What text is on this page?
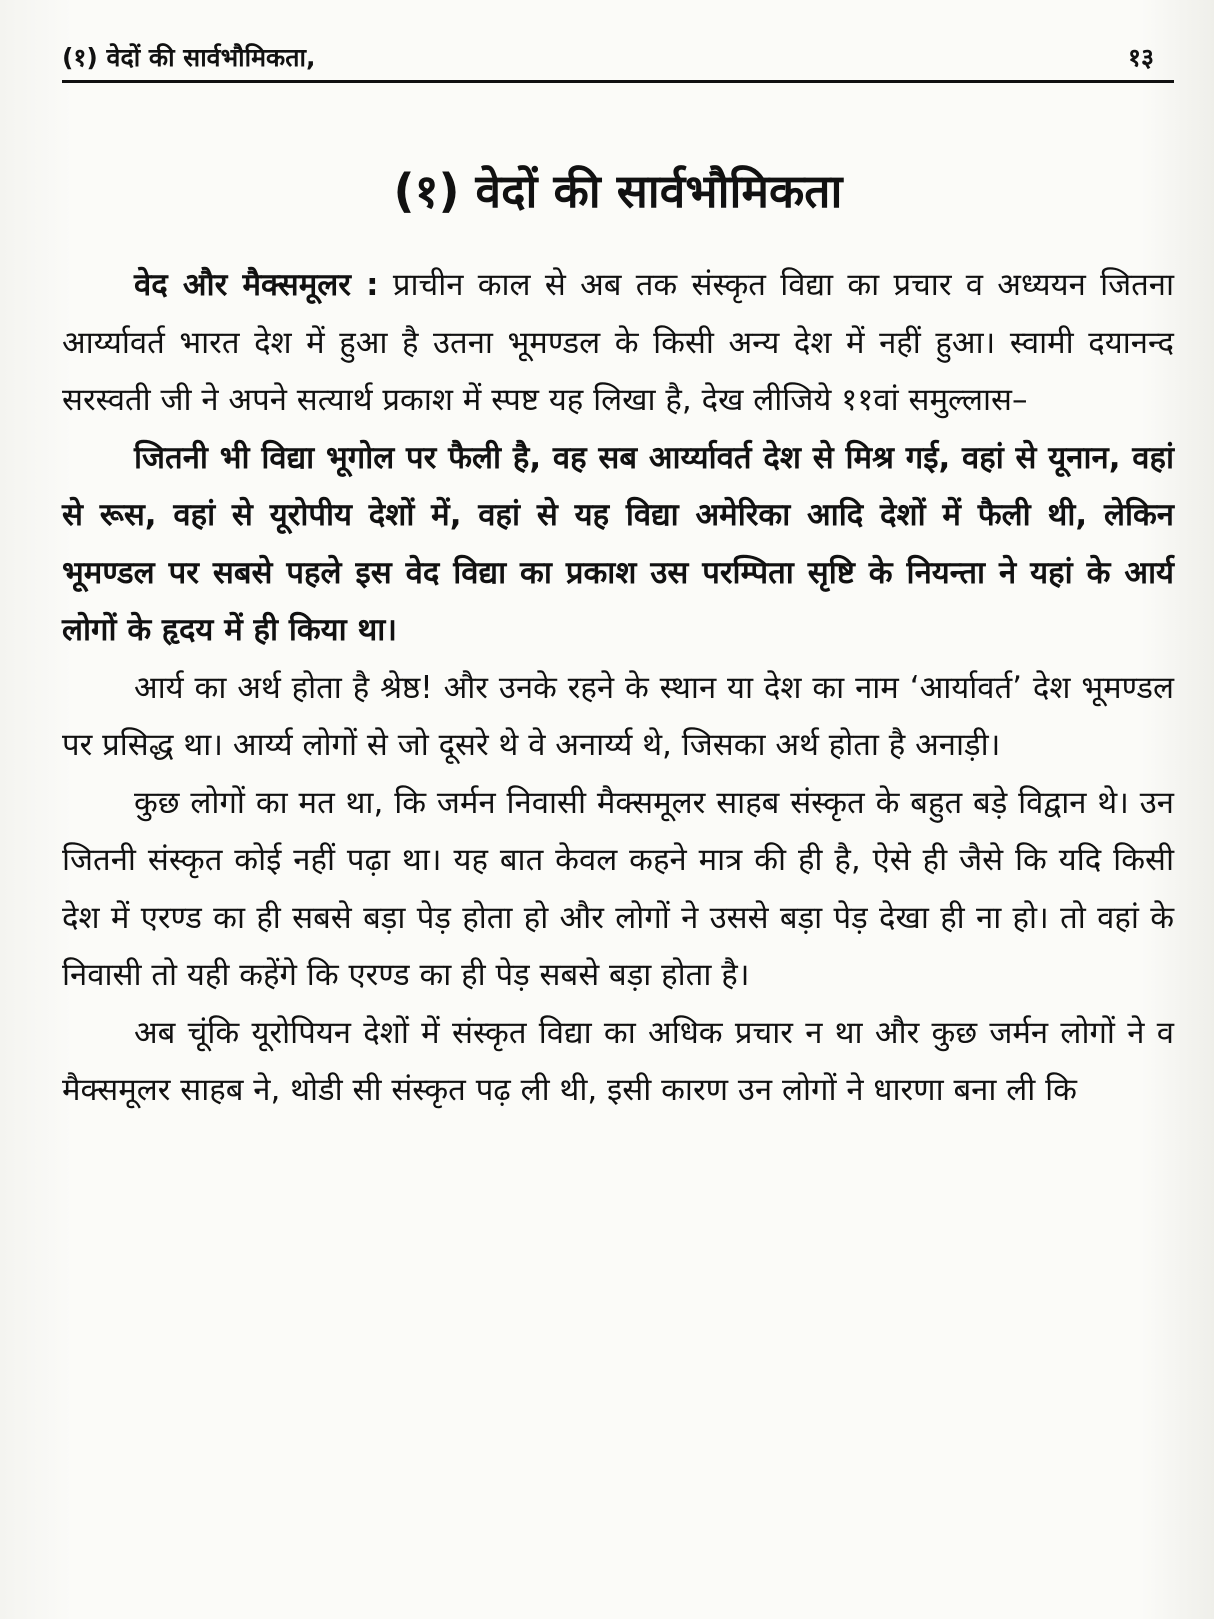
(१) वेदों की सार्वभौमिकता,	१३
(१) वेदों की सार्वभौमिकता

वेद और मैक्समूलर : प्राचीन काल से अब तक संस्कृत विद्या का प्रचार व अध्ययन जितना आर्य्यावर्त भारत देश में हुआ है उतना भूमण्डल के किसी अन्य देश में नहीं हुआ। स्वामी दयानन्द सरस्वती जी ने अपने सत्यार्थ प्रकाश में स्पष्ट यह लिखा है, देख लीजिये ११वां समुल्लास–

जितनी भी विद्या भूगोल पर फैली है, वह सब आर्य्यावर्त देश से मिश्र गई, वहां से यूनान, वहां से रूस, वहां से यूरोपीय देशों में, वहां से यह विद्या अमेरिका आदि देशों में फैली थी, लेकिन भूमण्डल पर सबसे पहले इस वेद विद्या का प्रकाश उस परम्पिता सृष्टि के नियन्ता ने यहां के आर्य लोगों के हृदय में ही किया था।

आर्य का अर्थ होता है श्रेष्ठ! और उनके रहने के स्थान या देश का नाम ‘आर्यावर्त’ देश भूमण्डल पर प्रसिद्ध था। आर्य्य लोगों से जो दूसरे थे वे अनार्य्य थे, जिसका अर्थ होता है अनाड़ी।

कुछ लोगों का मत था, कि जर्मन निवासी मैक्समूलर साहब संस्कृत के बहुत बड़े विद्वान थे। उन जितनी संस्कृत कोई नहीं पढ़ा था। यह बात केवल कहने मात्र की ही है, ऐसे ही जैसे कि यदि किसी देश में एरण्ड का ही सबसे बड़ा पेड़ होता हो और लोगों ने उससे बड़ा पेड़ देखा ही ना हो। तो वहां के निवासी तो यही कहेंगे कि एरण्ड का ही पेड़ सबसे बड़ा होता है।

अब चूंकि यूरोपियन देशों में संस्कृत विद्या का अधिक प्रचार न था और कुछ जर्मन लोगों ने व मैक्समूलर साहब ने, थोडी सी संस्कृत पढ़ ली थी, इसी कारण उन लोगों ने धारणा बना ली कि
